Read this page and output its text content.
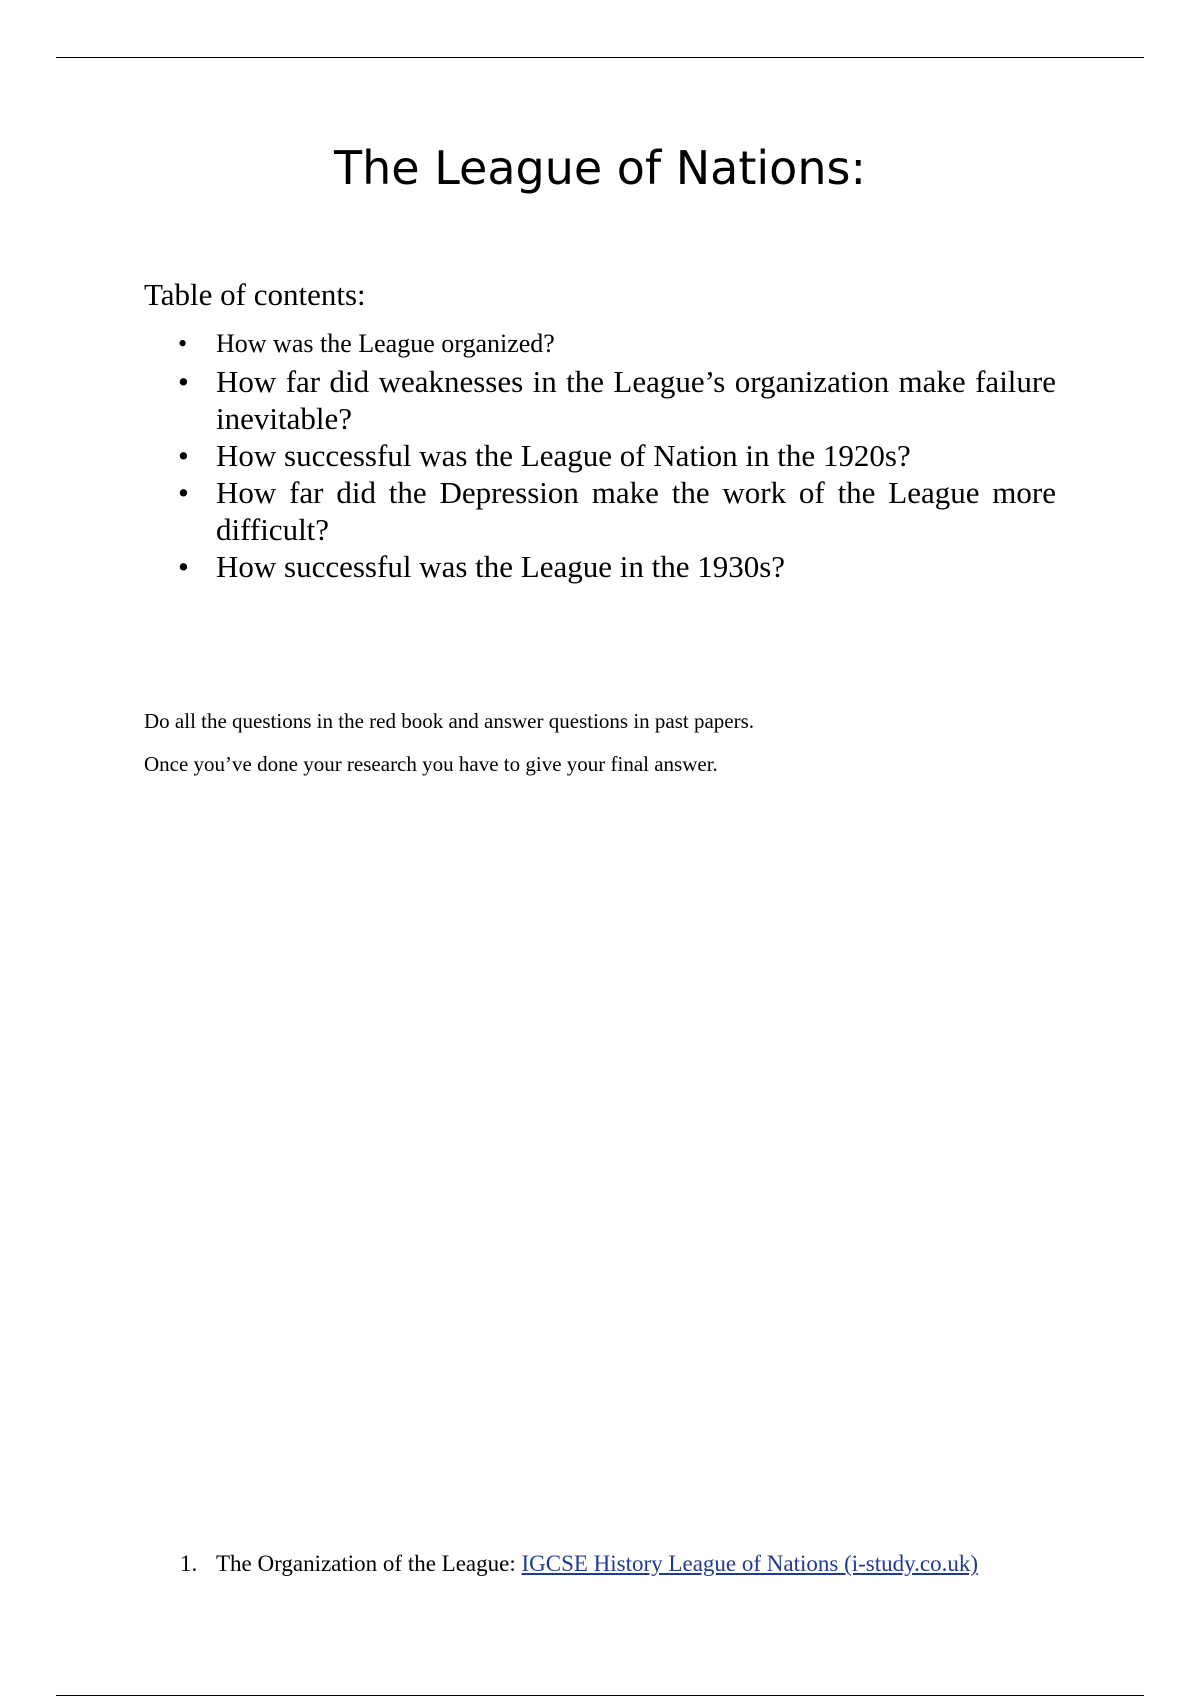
The League of Nations:
Table of contents:
• How was the League organized?
• How far did weaknesses in the League’s organization make failure inevitable?
• How successful was the League of Nation in the 1920s?
• How far did the Depression make the work of the League more difficult?
• How successful was the League in the 1930s?

Do all the questions in the red book and answer questions in past papers.

Once you’ve done your research you have to give your final answer.

1. The Organization of the League: IGCSE History League of Nations (i-study.co.uk)
